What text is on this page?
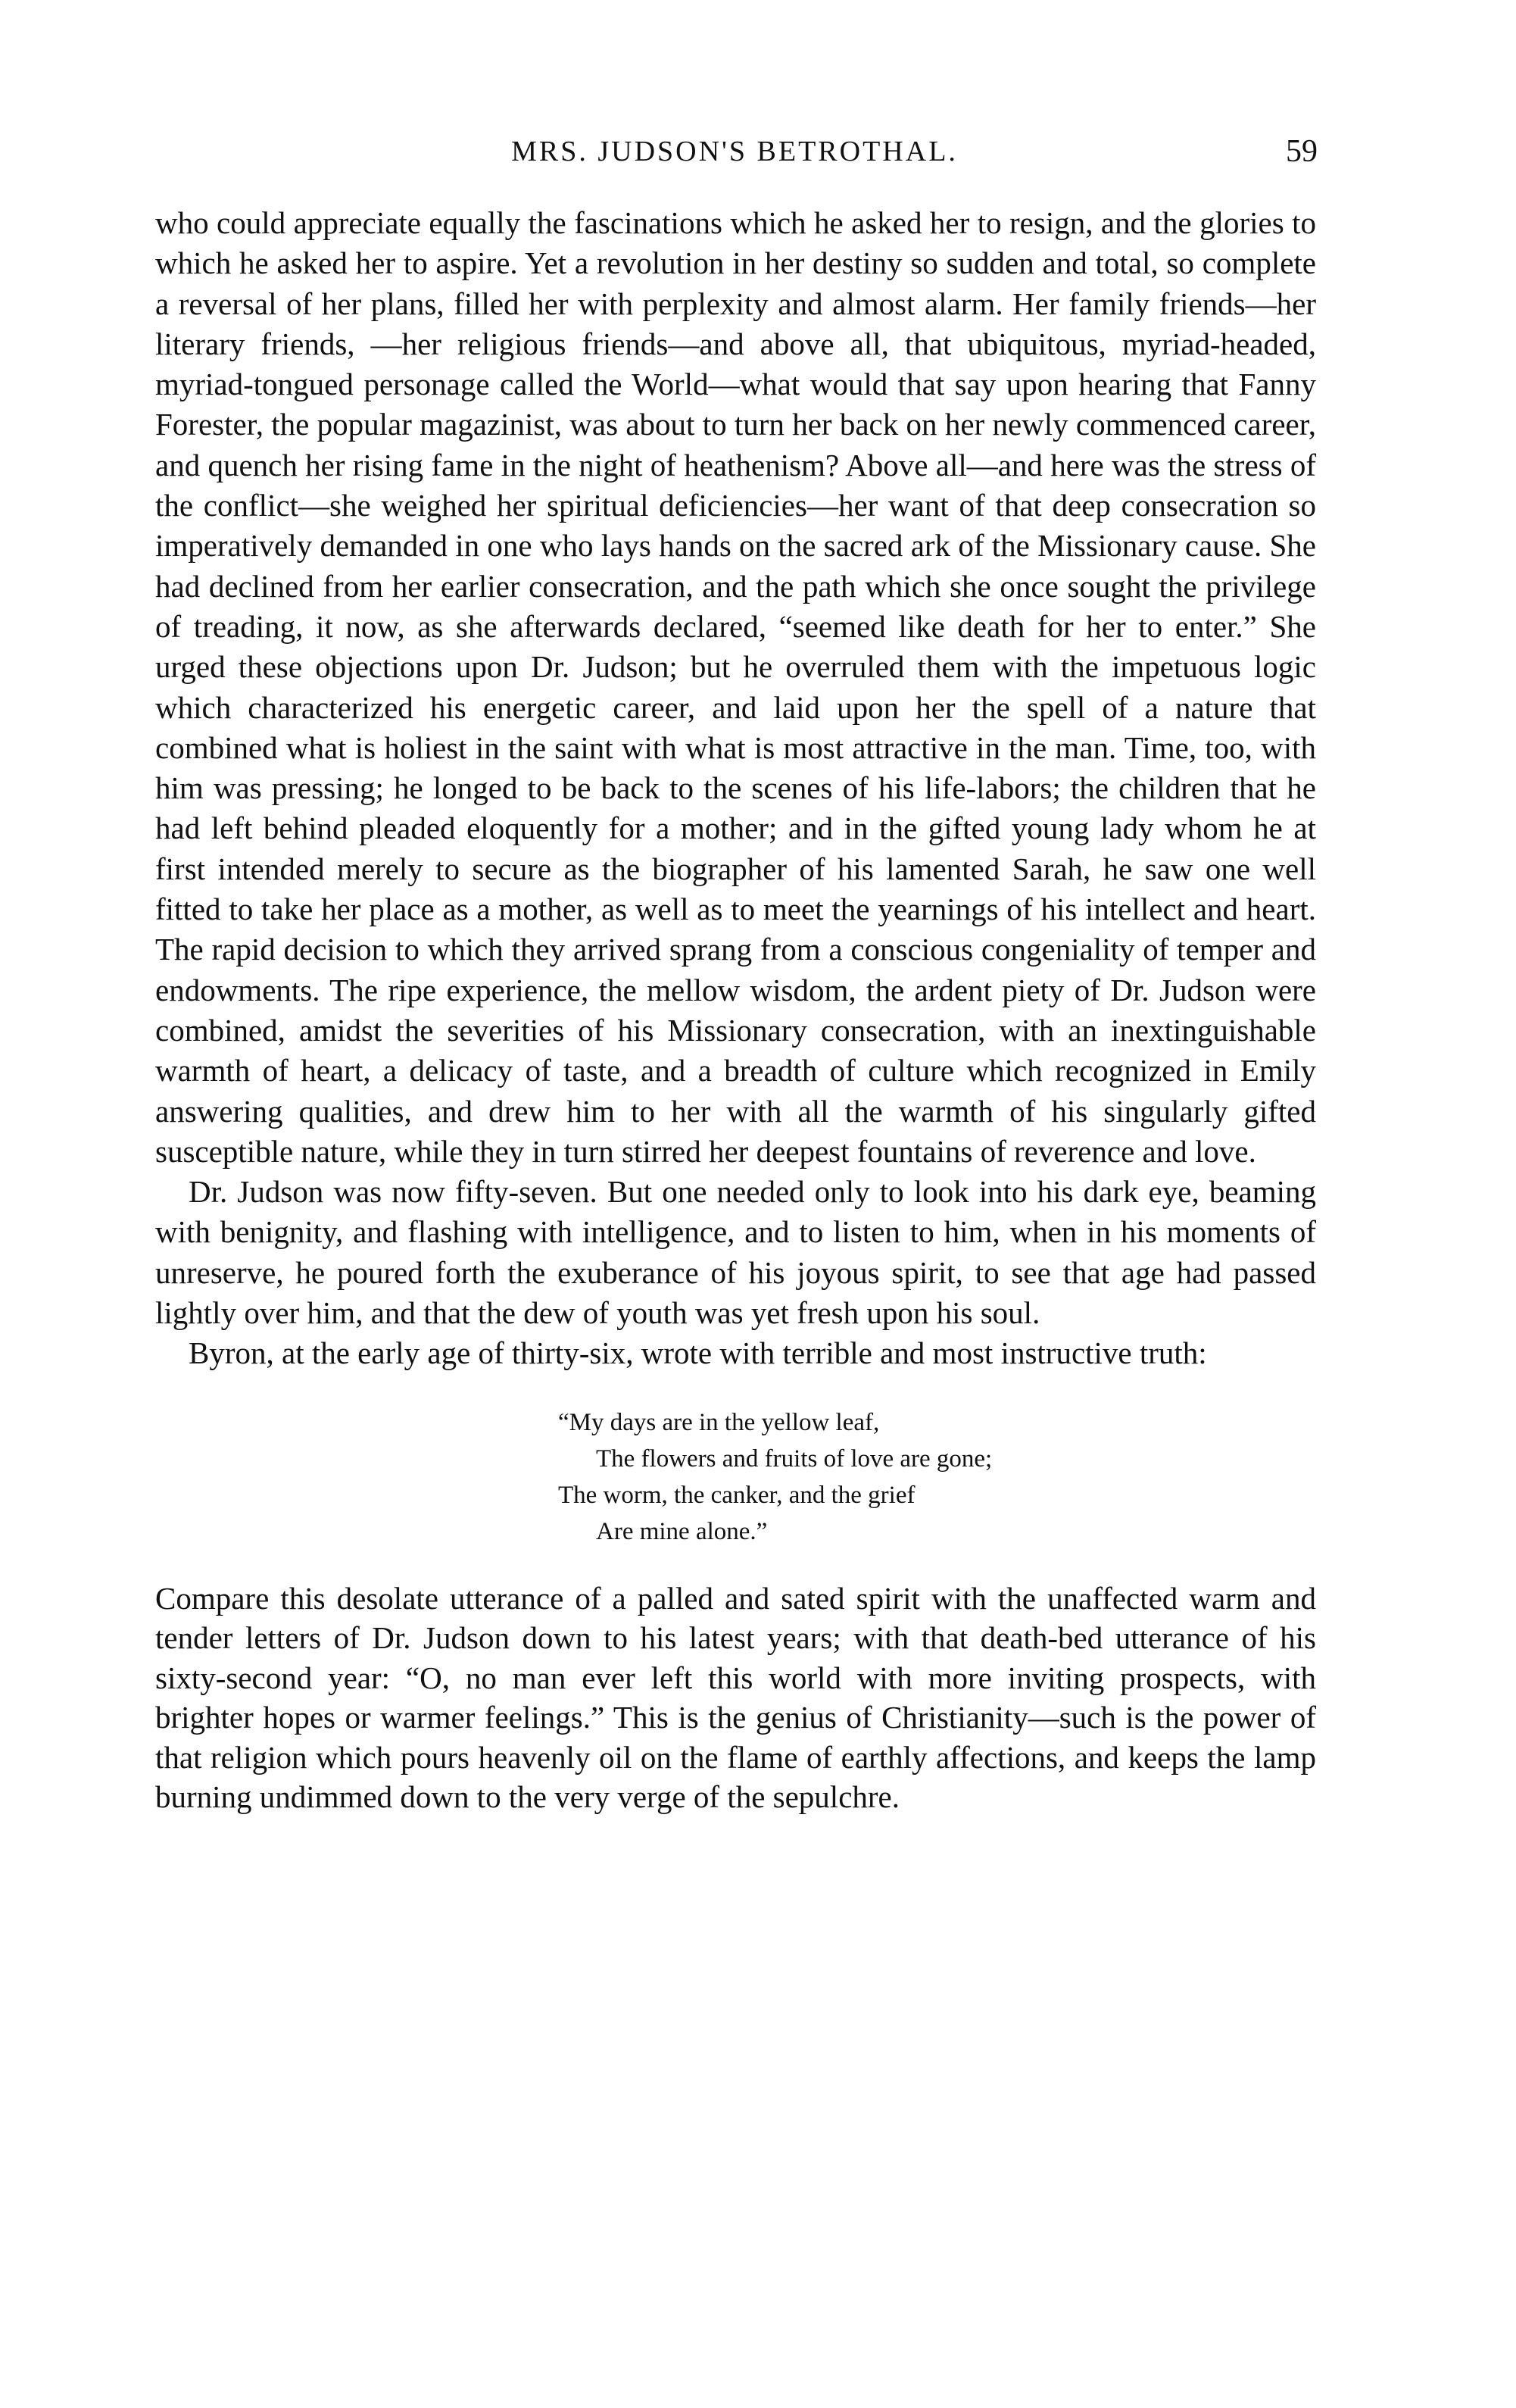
MRS. JUDSON'S BETROTHAL.	59

who could appreciate equally the fascinations which he asked her to resign, and the glories to which he asked her to aspire. Yet a revolution in her destiny so sudden and total, so complete a reversal of her plans, filled her with perplexity and almost alarm. Her family friends—her literary friends, —her religious friends—and above all, that ubiquitous, myriad-headed, myriad-tongued personage called the World—what would that say upon hearing that Fanny Forester, the popular magazinist, was about to turn her back on her newly commenced career, and quench her rising fame in the night of heathenism? Above all—and here was the stress of the conflict—she weighed her spiritual deficiencies—her want of that deep consecration so imperatively demanded in one who lays hands on the sacred ark of the Missionary cause. She had declined from her earlier consecration, and the path which she once sought the privilege of treading, it now, as she afterwards declared, “seemed like death for her to enter.” She urged these objections upon Dr. Judson; but he overruled them with the impetuous logic which characterized his energetic career, and laid upon her the spell of a nature that combined what is holiest in the saint with what is most attractive in the man. Time, too, with him was pressing; he longed to be back to the scenes of his life-labors; the children that he had left behind pleaded eloquently for a mother; and in the gifted young lady whom he at first intended merely to secure as the biographer of his lamented Sarah, he saw one well fitted to take her place as a mother, as well as to meet the yearnings of his intellect and heart. The rapid decision to which they arrived sprang from a conscious congeniality of temper and endowments. The ripe experience, the mellow wisdom, the ardent piety of Dr. Judson were combined, amidst the severities of his Missionary consecration, with an inextinguishable warmth of heart, a delicacy of taste, and a breadth of culture which recognized in Emily answering qualities, and drew him to her with all the warmth of his singularly gifted susceptible nature, while they in turn stirred her deepest fountains of reverence and love.

Dr. Judson was now fifty-seven. But one needed only to look into his dark eye, beaming with benignity, and flashing with intelligence, and to listen to him, when in his moments of unreserve, he poured forth the exuberance of his joyous spirit, to see that age had passed lightly over him, and that the dew of youth was yet fresh upon his soul.

Byron, at the early age of thirty-six, wrote with terrible and most instructive truth:

“My days are in the yellow leaf,
The flowers and fruits of love are gone;
The worm, the canker, and the grief
Are mine alone.”

Compare this desolate utterance of a palled and sated spirit with the unaffected warm and tender letters of Dr. Judson down to his latest years; with that death-bed utterance of his sixty-second year: “O, no man ever left this world with more inviting prospects, with brighter hopes or warmer feelings.” This is the genius of Christianity—such is the power of that religion which pours heavenly oil on the flame of earthly affections, and keeps the lamp burning undimmed down to the very verge of the sepulchre.
